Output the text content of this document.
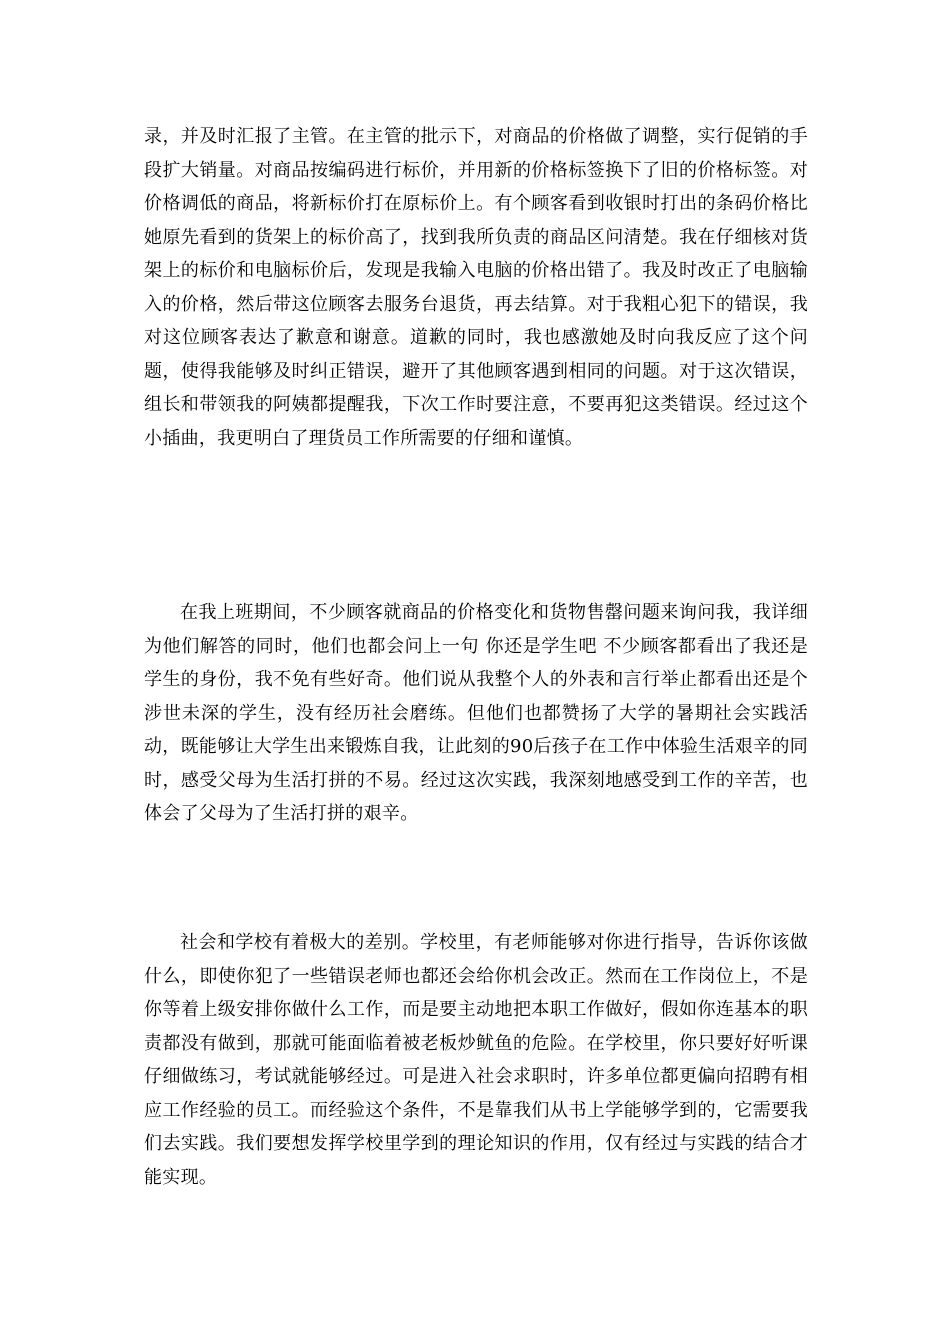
录，并及时汇报了主管。在主管的批示下，对商品的价格做了调整，实行促销的手段扩大销量。对商品按编码进行标价，并用新的价格标签换下了旧的价格标签。对价格调低的商品，将新标价打在原标价上。有个顾客看到收银时打出的条码价格比她原先看到的货架上的标价高了，找到我所负责的商品区问清楚。我在仔细核对货架上的标价和电脑标价后，发现是我输入电脑的价格出错了。我及时改正了电脑输入的价格，然后带这位顾客去服务台退货，再去结算。对于我粗心犯下的错误，我对这位顾客表达了歉意和谢意。道歉的同时，我也感激她及时向我反应了这个问题，使得我能够及时纠正错误，避开了其他顾客遇到相同的问题。对于这次错误，组长和带领我的阿姨都提醒我，下次工作时要注意，不要再犯这类错误。经过这个小插曲，我更明白了理货员工作所需要的仔细和谨慎。

在我上班期间，不少顾客就商品的价格变化和货物售罄问题来询问我，我详细为他们解答的同时，他们也都会问上一句 你还是学生吧 不少顾客都看出了我还是学生的身份，我不免有些好奇。他们说从我整个人的外表和言行举止都看出还是个涉世未深的学生，没有经历社会磨练。但他们也都赞扬了大学的暑期社会实践活动，既能够让大学生出来锻炼自我，让此刻的90后孩子在工作中体验生活艰辛的同时，感受父母为生活打拼的不易。经过这次实践，我深刻地感受到工作的辛苦，也体会了父母为了生活打拼的艰辛。

社会和学校有着极大的差别。学校里，有老师能够对你进行指导，告诉你该做什么，即使你犯了一些错误老师也都还会给你机会改正。然而在工作岗位上，不是你等着上级安排你做什么工作，而是要主动地把本职工作做好，假如你连基本的职责都没有做到，那就可能面临着被老板炒鱿鱼的危险。在学校里，你只要好好听课仔细做练习，考试就能够经过。可是进入社会求职时，许多单位都更偏向招聘有相应工作经验的员工。而经验这个条件，不是靠我们从书上学能够学到的，它需要我们去实践。我们要想发挥学校里学到的理论知识的作用，仅有经过与实践的结合才能实现。
